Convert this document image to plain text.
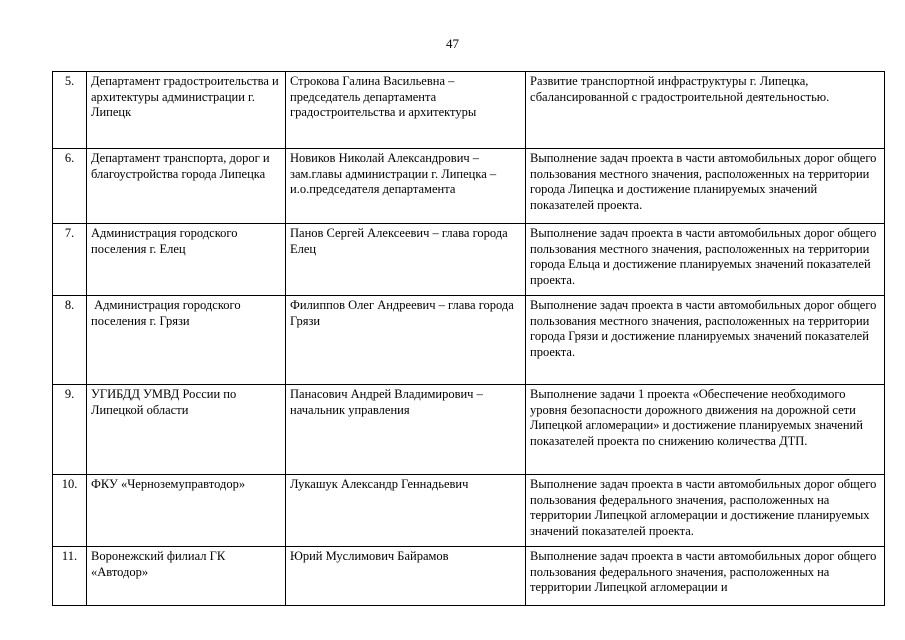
47
5.	Департамент градостроительства и архитектуры администрации г. Липецк	Строкова Галина Васильевна – председатель департамента градостроительства и архитектуры	Развитие транспортной инфраструктуры г. Липецка, сбалансированной с градостроительной деятельностью.
6.	Департамент транспорта, дорог и благоустройства города Липецка	Новиков Николай Александрович – зам.главы администрации г. Липецка – и.о.председателя департамента	Выполнение задач проекта в части автомобильных дорог общего пользования местного значения, расположенных на территории города Липецка и достижение планируемых значений показателей проекта.
7.	Администрация городского поселения г. Елец	Панов Сергей Алексеевич – глава города Елец	Выполнение задач проекта в части автомобильных дорог общего пользования местного значения, расположенных на территории города Ельца и достижение планируемых значений показателей проекта.
8.	Администрация городского поселения г. Грязи	Филиппов Олег Андреевич – глава города Грязи	Выполнение задач проекта в части автомобильных дорог общего пользования местного значения, расположенных на территории города Грязи и достижение планируемых значений показателей проекта.
9.	УГИБДД УМВД России по Липецкой области	Панасович Андрей Владимирович – начальник управления	Выполнение задачи 1 проекта «Обеспечение необходимого уровня безопасности дорожного движения на дорожной сети Липецкой агломерации» и достижение планируемых значений показателей проекта по снижению количества ДТП.
10.	ФКУ «Черноземуправтодор»	Лукашук Александр Геннадьевич	Выполнение задач проекта в части автомобильных дорог общего пользования федерального значения, расположенных на территории Липецкой агломерации и достижение планируемых значений показателей проекта.
11.	Воронежский филиал ГК «Автодор»	Юрий Муслимович Байрамов	Выполнение задач проекта в части автомобильных дорог общего пользования федерального значения, расположенных на территории Липецкой агломерации и
